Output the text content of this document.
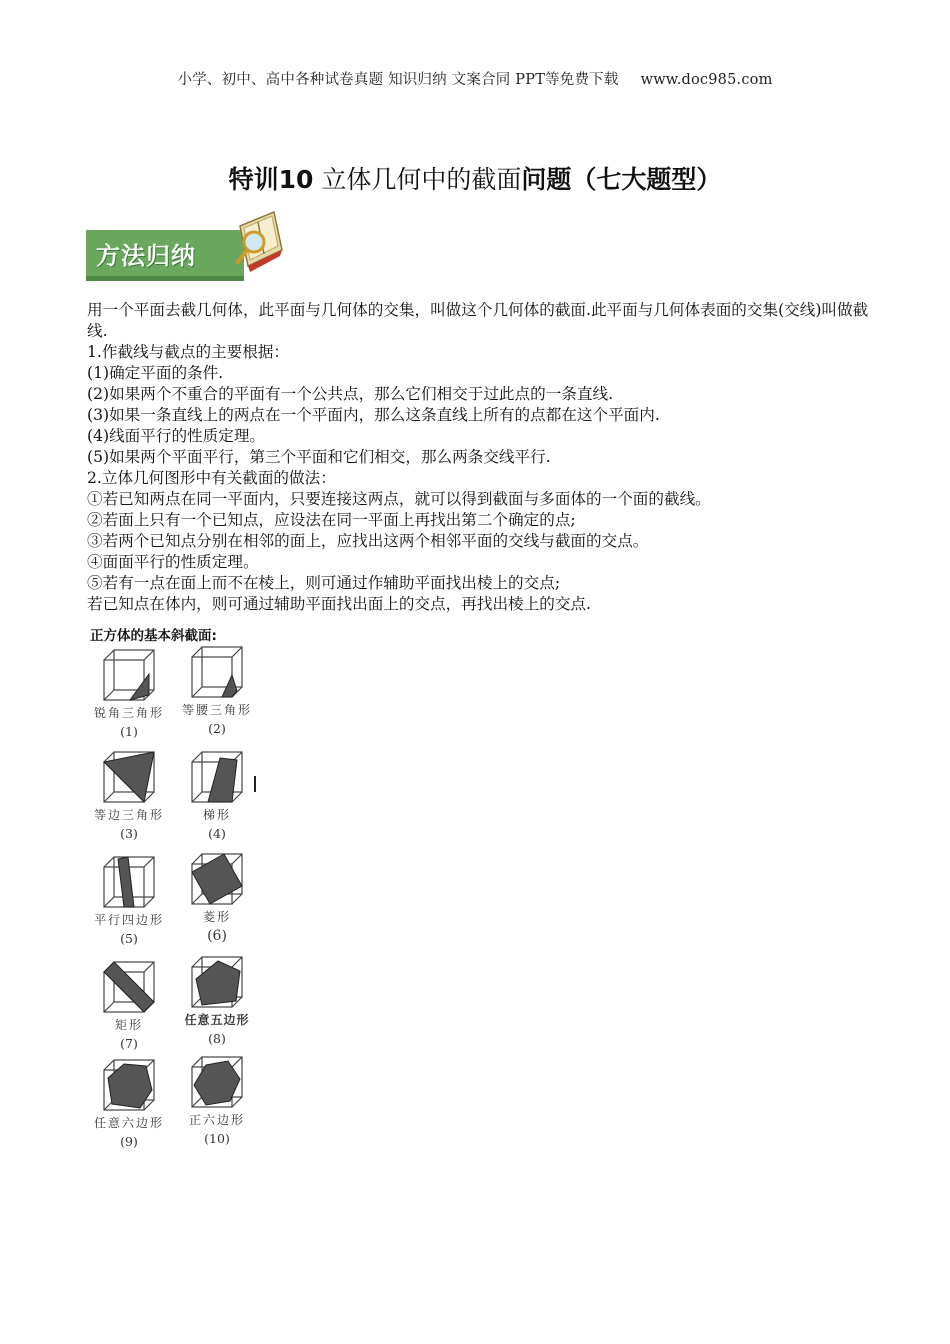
小学、初中、高中各种试卷真题 知识归纳 文案合同 PPT等免费下载 www.doc985.com
特训10 立体几何中的截面问题（七大题型）
方法归纳

用一个平面去截几何体，此平面与几何体的交集，叫做这个几何体的截面.此平面与几何体表面的交集(交线)叫做截线.

1.作截线与截点的主要根据：

(1)确定平面的条件.

(2)如果两个不重合的平面有一个公共点，那么它们相交于过此点的一条直线.

(3)如果一条直线上的两点在一个平面内，那么这条直线上所有的点都在这个平面内.

(4)线面平行的性质定理。

(5)如果两个平面平行，第三个平面和它们相交，那么两条交线平行.

2.立体几何图形中有关截面的做法：

①若已知两点在同一平面内，只要连接这两点，就可以得到截面与多面体的一个面的截线。

②若面上只有一个已知点，应设法在同一平面上再找出第二个确定的点;

③若两个已知点分别在相邻的面上，应找出这两个相邻平面的交线与截面的交点。

④面面平行的性质定理。

⑤若有一点在面上而不在棱上，则可通过作辅助平面找出棱上的交点;

若已知点在体内，则可通过辅助平面找出面上的交点，再找出棱上的交点.

正方体的基本斜截面:
锐角三角形
(1)
等腰三角形
(2)
等边三角形
(3)
梯形
(4)
平行四边形
(5)
菱形
(6)
矩形
(7)
任意五边形
(8)
任意六边形
(9)
正六边形
(10)
